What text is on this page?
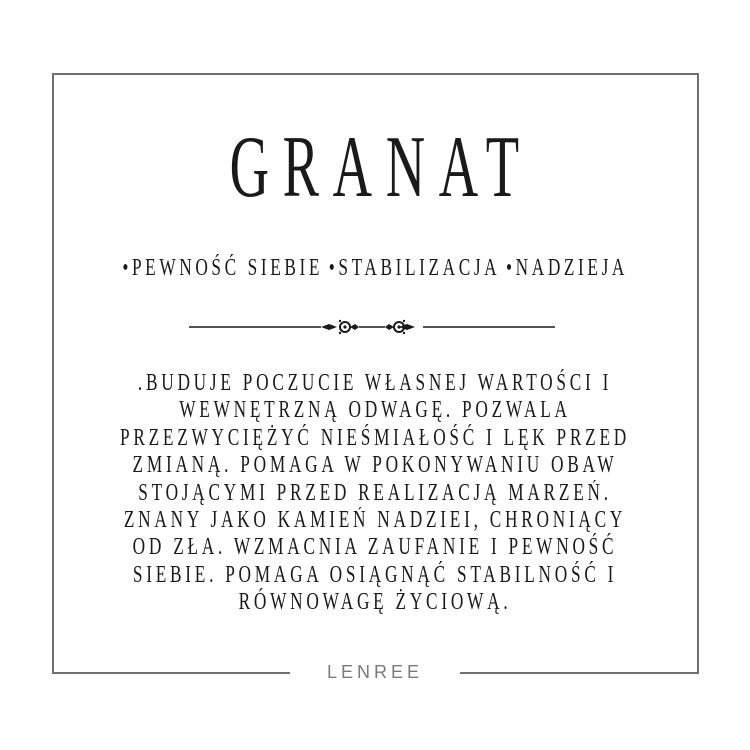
GRANAT
•PEWNOŚĆ SIEBIE •STABILIZACJA •NADZIEJA
.BUDUJE POCZUCIE WŁASNEJ WARTOŚCI I
WEWNĘTRZNĄ ODWAGĘ. POZWALA
PRZEZWYCIĘŻYĆ NIEŚMIAŁOŚĆ I LĘK PRZED
ZMIANĄ. POMAGA W POKONYWANIU OBAW
STOJĄCYMI PRZED REALIZACJĄ MARZEŃ.
ZNANY JAKO KAMIEŃ NADZIEI, CHRONIĄCY
OD ZŁA. WZMACNIA ZAUFANIE I PEWNOŚĆ
SIEBIE. POMAGA OSIĄGNĄĆ STABILNOŚĆ I
RÓWNOWAGĘ ŻYCIOWĄ.
LENREE
